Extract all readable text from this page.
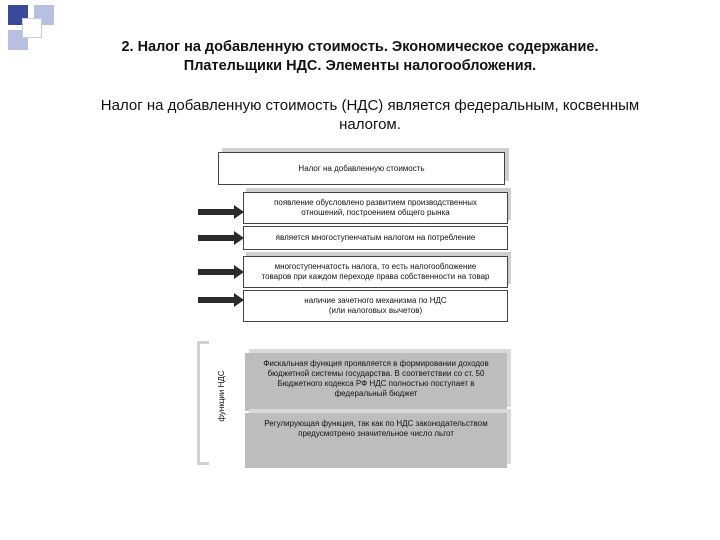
2. Налог на добавленную стоимость. Экономическое содержание.
Плательщики НДС. Элементы налогообложения.
Налог на добавленную стоимость (НДС) является федеральным, косвенным
налогом.
Налог на добавленную стоимость
появление обусловлено развитием производственных
отношений, построением общего рынка
является многоступенчатым налогом на потребление
многоступенчатость налога, то есть налогообложение
товаров при каждом переходе права собственности на товар
наличие зачетного механизма по НДС
(или налоговых вычетов)
функции НДС
Фискальная функция проявляется в формировании доходов
бюджетной системы государства. В соответствии со ст. 50
Бюджетного кодекса РФ НДС полностью поступает в
федеральный бюджет
Регулирующая функция, так как по НДС законодательством
предусмотрено значительное число льгот
